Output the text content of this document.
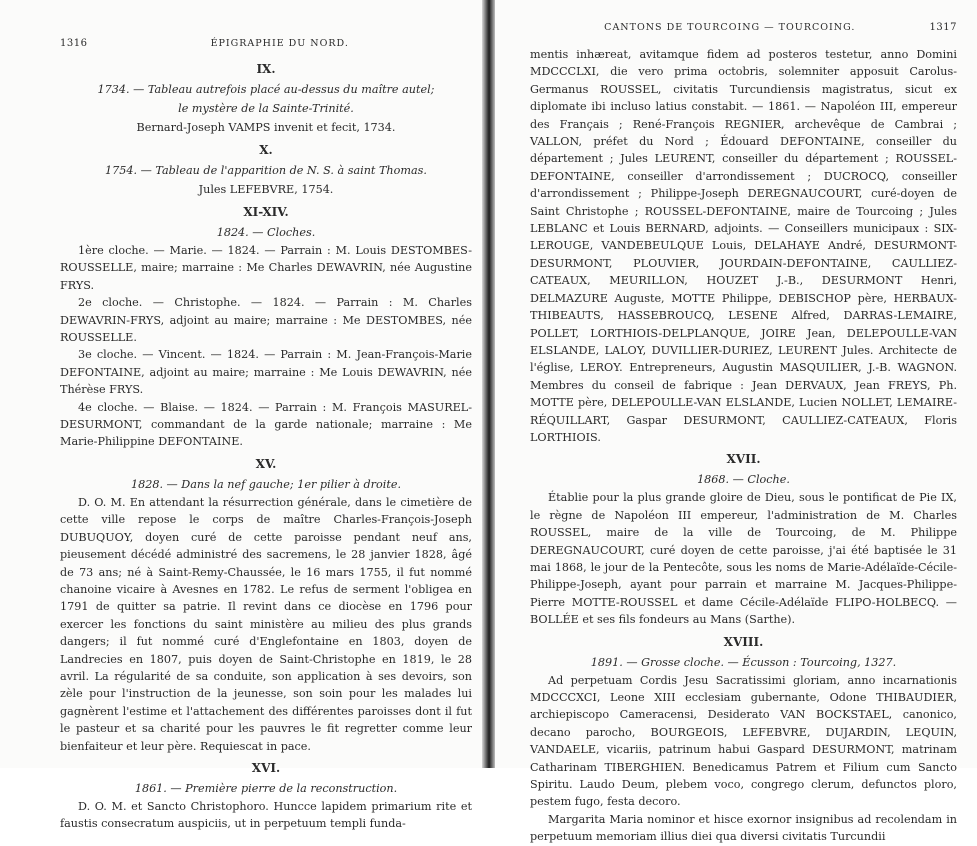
1316	ÉPIGRAPHIE DU NORD.
IX.
1734. — Tableau autrefois placé au-dessus du maître autel;
le mystère de la Sainte-Trinité.
Bernard-Joseph VAMPS invenit et fecit, 1734.
X.
1754. — Tableau de l'apparition de N. S. à saint Thomas.
Jules LEFEBVRE, 1754.
XI-XIV.
1824. — Cloches.

1ère cloche. — Marie. — 1824. — Parrain : M. Louis DESTOMBES-ROUSSELLE, maire; marraine : Me Charles DEWAVRIN, née Augustine FRYS.

2e cloche. — Christophe. — 1824. — Parrain : M. Charles DEWAVRIN-FRYS, adjoint au maire; marraine : Me DESTOMBES, née ROUSSELLE.

3e cloche. — Vincent. — 1824. — Parrain : M. Jean-François-Marie DEFONTAINE, adjoint au maire; marraine : Me Louis DEWAVRIN, née Thérèse FRYS.

4e cloche. — Blaise. — 1824. — Parrain : M. François MASUREL-DESURMONT, commandant de la garde nationale; marraine : Me Marie-Philippine DEFONTAINE.

XV.
1828. — Dans la nef gauche; 1er pilier à droite.

D. O. M. En attendant la résurrection générale, dans le cimetière de cette ville repose le corps de maître Charles-François-Joseph DUBUQUOY, doyen curé de cette paroisse pendant neuf ans, pieusement décédé administré des sacremens, le 28 janvier 1828, âgé de 73 ans; né à Saint-Remy-Chaussée, le 16 mars 1755, il fut nommé chanoine vicaire à Avesnes en 1782. Le refus de serment l'obligea en 1791 de quitter sa patrie. Il revint dans ce diocèse en 1796 pour exercer les fonctions du saint ministère au milieu des plus grands dangers; il fut nommé curé d'Englefontaine en 1803, doyen de Landrecies en 1807, puis doyen de Saint-Christophe en 1819, le 28 avril. La régularité de sa conduite, son application à ses devoirs, son zèle pour l'instruction de la jeunesse, son soin pour les malades lui gagnèrent l'estime et l'attachement des différentes paroisses dont il fut le pasteur et sa charité pour les pauvres le fit regretter comme leur bienfaiteur et leur père. Requiescat in pace.

XVI.
1861. — Première pierre de la reconstruction.

D. O. M. et Sancto Christophoro. Huncce lapidem primarium rite et faustis consecratum auspiciis, ut in perpetuum templi funda-

CANTONS DE TOURCOING — TOURCOING.	1317

mentis inhæreat, avitamque fidem ad posteros testetur, anno Domini MDCCCLXI, die vero prima octobris, solemniter apposuit Carolus-Germanus ROUSSEL, civitatis Turcundiensis magistratus, sicut ex diplomate ibi incluso latius constabit. — 1861. — Napoléon III, empereur des Français ; René-François REGNIER, archevêque de Cambrai ; VALLON, préfet du Nord ; Édouard DEFONTAINE, conseiller du département ; Jules LEURENT, conseiller du département ; ROUSSEL-DEFONTAINE, conseiller d'arrondissement ; DUCROCQ, conseiller d'arrondissement ; Philippe-Joseph DEREGNAUCOURT, curé-doyen de Saint Christophe ; ROUSSEL-DEFONTAINE, maire de Tourcoing ; Jules LEBLANC et Louis BERNARD, adjoints. — Conseillers municipaux : SIX-LEROUGE, VANDEBEULQUE Louis, DELAHAYE André, DESURMONT-DESURMONT, PLOUVIER, JOURDAIN-DEFONTAINE, CAULLIEZ-CATEAUX, MEURILLON, HOUZET J.-B., DESURMONT Henri, DELMAZURE Auguste, MOTTE Philippe, DEBISCHOP père, HERBAUX-THIBEAUTS, HASSEBROUCQ, LESENE Alfred, DARRAS-LEMAIRE, POLLET, LORTHIOIS-DELPLANQUE, JOIRE Jean, DELEPOULLE-VAN ELSLANDE, LALOY, DUVILLIER-DURIEZ, LEURENT Jules. Architecte de l'église, LEROY. Entrepreneurs, Augustin MASQUILIER, J.-B. WAGNON. Membres du conseil de fabrique : Jean DERVAUX, Jean FREYS, Ph. MOTTE père, DELEPOULLE-VAN ELSLANDE, Lucien NOLLET, LEMAIRE-RÉQUILLART, Gaspar DESURMONT, CAULLIEZ-CATEAUX, Floris LORTHIOIS.

XVII.
1868. — Cloche.

Établie pour la plus grande gloire de Dieu, sous le pontificat de Pie IX, le règne de Napoléon III empereur, l'administration de M. Charles ROUSSEL, maire de la ville de Tourcoing, de M. Philippe DEREGNAUCOURT, curé doyen de cette paroisse, j'ai été baptisée le 31 mai 1868, le jour de la Pentecôte, sous les noms de Marie-Adélaïde-Cécile-Philippe-Joseph, ayant pour parrain et marraine M. Jacques-Philippe-Pierre MOTTE-ROUSSEL et dame Cécile-Adélaïde FLIPO-HOLBECQ. — BOLLÉE et ses fils fondeurs au Mans (Sarthe).

XVIII.
1891. — Grosse cloche. — Écusson : Tourcoing, 1327.

Ad perpetuam Cordis Jesu Sacratissimi gloriam, anno incarnationis MDCCCXCI, Leone XIII ecclesiam gubernante, Odone THIBAUDIER, archiepiscopo Cameracensi, Desiderato VAN BOCKSTAEL, canonico, decano parocho, BOURGEOIS, LEFEBVRE, DUJARDIN, LEQUIN, VANDAELE, vicariis, patrinum habui Gaspard DESURMONT, matrinam Catharinam TIBERGHIEN. Benedicamus Patrem et Filium cum Sancto Spiritu. Laudo Deum, plebem voco, congrego clerum, defunctos ploro, pestem fugo, festa decoro.

Margarita Maria nominor et hisce exornor insignibus ad recolendam in perpetuum memoriam illius diei qua diversi civitatis Turcundii
